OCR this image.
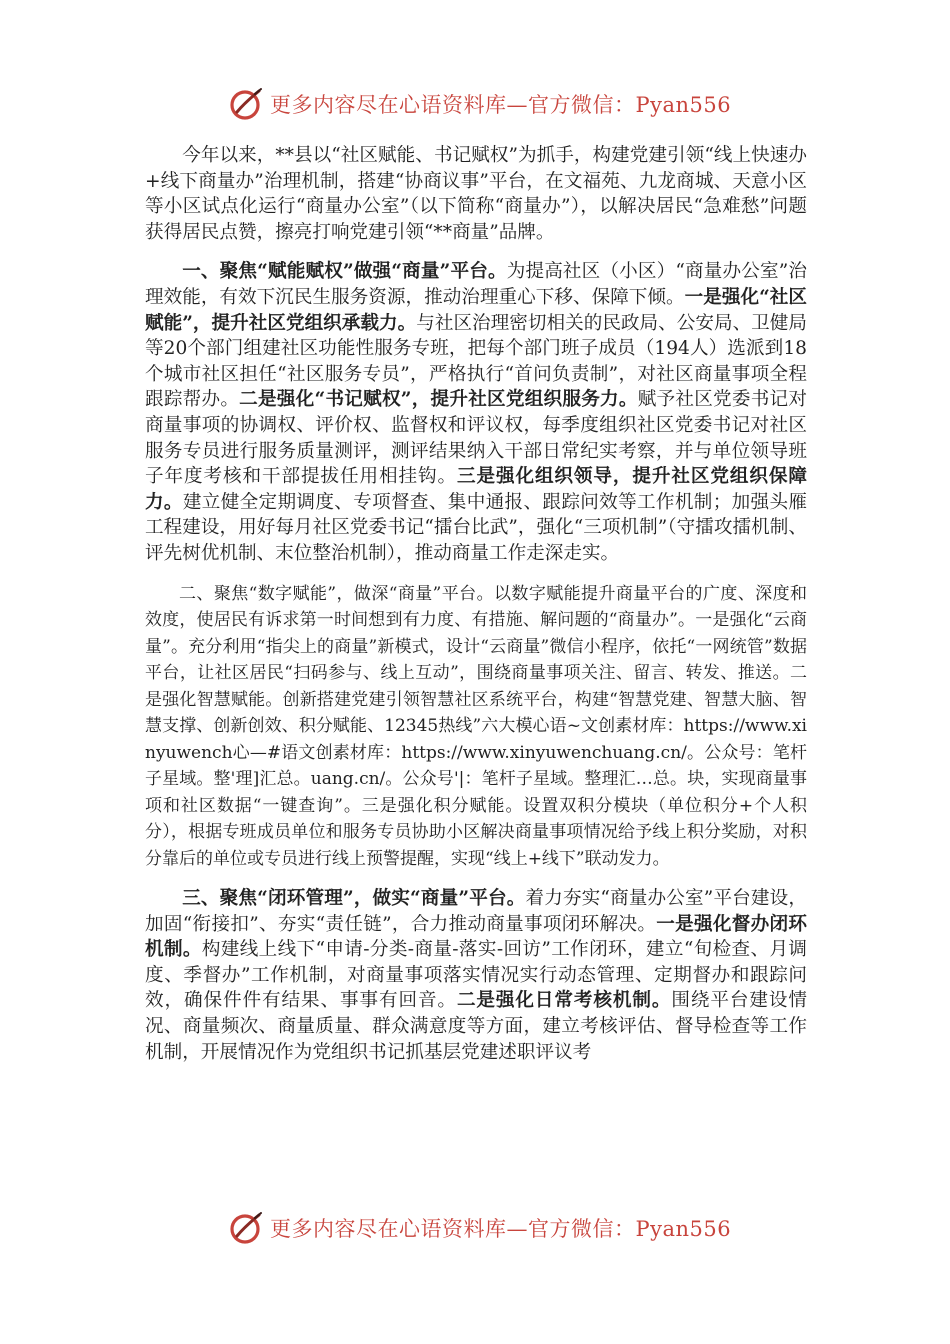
更多内容尽在心语资料库—官方微信：Pyan556

今年以来，**县以“社区赋能、书记赋权”为抓手，构建党建引领“线上快速办+线下商量办”治理机制，搭建“协商议事”平台，在文福苑、九龙商城、天意小区等小区试点化运行“商量办公室”（以下简称“商量办”），以解决居民“急难愁”问题获得居民点赞，擦亮打响党建引领“**商量”品牌。

一、聚焦“赋能赋权”做强“商量”平台。为提高社区（小区）“商量办公室”治理效能，有效下沉民生服务资源，推动治理重心下移、保障下倾。一是强化“社区赋能”，提升社区党组织承载力。与社区治理密切相关的民政局、公安局、卫健局等20个部门组建社区功能性服务专班，把每个部门班子成员（194人）选派到18个城市社区担任“社区服务专员”，严格执行“首问负责制”，对社区商量事项全程跟踪帮办。二是强化“书记赋权”，提升社区党组织服务力。赋予社区党委书记对商量事项的协调权、评价权、监督权和评议权，每季度组织社区党委书记对社区服务专员进行服务质量测评，测评结果纳入干部日常纪实考察，并与单位领导班子年度考核和干部提拔任用相挂钩。三是强化组织领导，提升社区党组织保障力。建立健全定期调度、专项督查、集中通报、跟踪问效等工作机制；加强头雁工程建设，用好每月社区党委书记“擂台比武”，强化“三项机制”（守擂攻擂机制、评先树优机制、末位整治机制），推动商量工作走深走实。

二、聚焦“数字赋能”，做深“商量”平台。以数字赋能提升商量平台的广度、深度和效度，使居民有诉求第一时间想到有力度、有措施、解问题的“商量办”。一是强化“云商量”。充分利用“指尖上的商量”新模式，设计“云商量”微信小程序，依托“一网统管”数据平台，让社区居民“扫码参与、线上互动”，围绕商量事项关注、留言、转发、推送。二是强化智慧赋能。创新搭建党建引领智慧社区系统平台，构建“智慧党建、智慧大脑、智慧支撑、创新创效、积分赋能、12345热线”六大模心语~文创素材库：https://www.xinyuwench心—#语文创素材库：https://www.xinyuwenchuang.cn/。公众号：笔杆子星域。整'理]汇总。uang.cn/。公众号'|：笔杆子星域。整理汇…总。块，实现商量事项和社区数据“一键查询”。三是强化积分赋能。设置双积分模块（单位积分+个人积分），根据专班成员单位和服务专员协助小区解决商量事项情况给予线上积分奖励，对积分靠后的单位或专员进行线上预警提醒，实现“线上+线下”联动发力。

三、聚焦“闭环管理”，做实“商量”平台。着力夯实“商量办公室”平台建设，加固“衔接扣”、夯实“责任链”，合力推动商量事项闭环解决。一是强化督办闭环机制。构建线上线下“申请-分类-商量-落实-回访”工作闭环，建立“旬检查、月调度、季督办”工作机制，对商量事项落实情况实行动态管理、定期督办和跟踪问效，确保件件有结果、事事有回音。二是强化日常考核机制。围绕平台建设情况、商量频次、商量质量、群众满意度等方面，建立考核评估、督导检查等工作机制，开展情况作为党组织书记抓基层党建述职评议考

更多内容尽在心语资料库—官方微信：Pyan556
